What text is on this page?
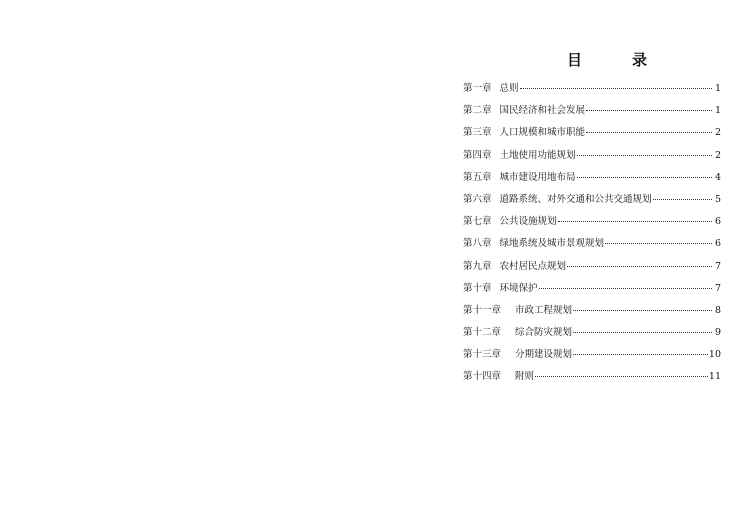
目	录
第一章 总则	1
第二章 国民经济和社会发展	1
第三章 人口规模和城市职能	2
第四章 土地使用功能规划	2
第五章 城市建设用地布局	4
第六章 道路系统、对外交通和公共交通规划	5
第七章 公共设施规划	6
第八章 绿地系统及城市景观规划	6
第九章 农村居民点规划	7
第十章 环境保护	7
第十一章 市政工程规划	8
第十二章 综合防灾规划	9
第十三章 分期建设规划	10
第十四章 附则	11
